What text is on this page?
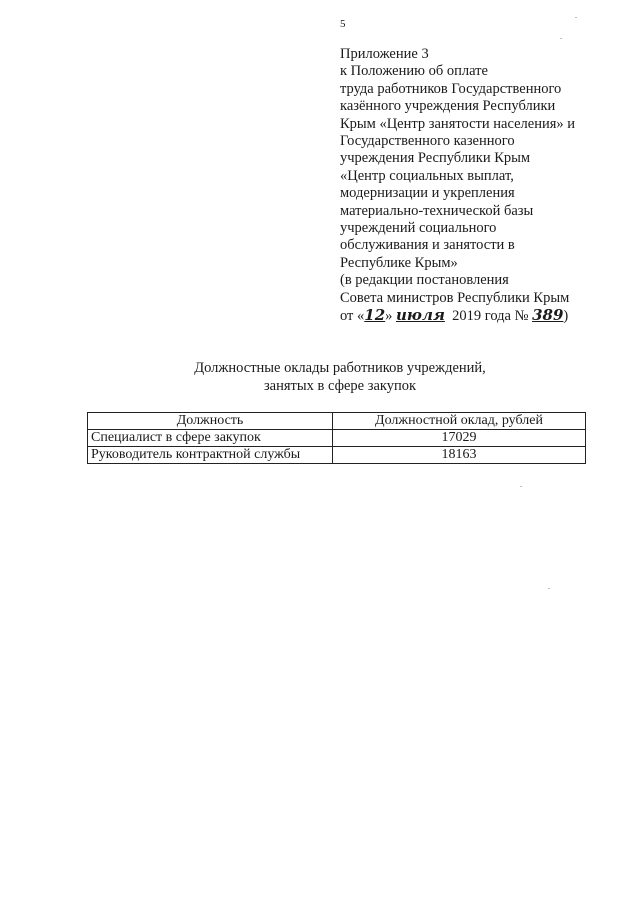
5
Приложение 3
к Положению об оплате
труда работников Государственного
казённого учреждения Республики
Крым «Центр занятости населения» и
Государственного казенного
учреждения Республики Крым
«Центр социальных выплат,
модернизации и укрепления
материально-технической базы
учреждений социального
обслуживания и занятости в
Республике Крым»
(в редакции постановления
Совета министров Республики Крым
от «12» июля 2019 года № 389)
Должностные оклады работников учреждений,
занятых в сфере закупок
Должность	Должностной оклад, рублей
Специалист в сфере закупок	17029
Руководитель контрактной службы	18163
